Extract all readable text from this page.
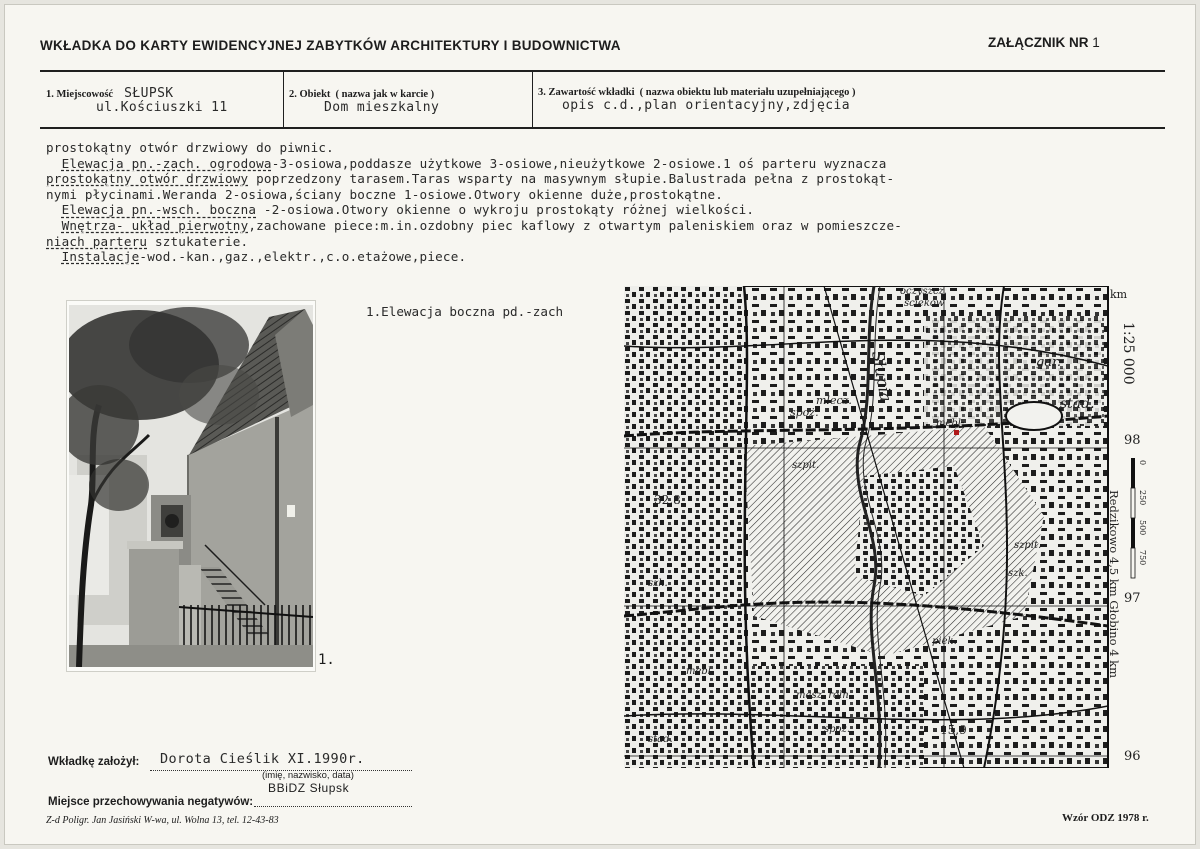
WKŁADKA DO KARTY EWIDENCYJNEJ ZABYTKÓW ARCHITEKTURY I BUDOWNICTWA	ZAŁĄCZNIK NR 1
1. Miejscowość SŁUPSK
ul.Kościuszki 11
2. Obiekt ( nazwa jak w karcie )
Dom mieszkalny
3. Zawartość wkładki ( nazwa obiektu lub materiału uzupełniającego )
opis c.d.,plan orientacyjny,zdjęcia
prostokątny otwór drzwiowy do piwnic.
Elewacja pn.-zach. ogrodowa-3-osiowa,poddasze użytkowe 3-osiowe,nieużytkowe 2-osiowe.1 oś parteru wyznacza
prostokątny otwór drzwiowy poprzedzony tarasem.Taras wsparty na masywnym słupie.Balustrada pełna z prostokąt-
nymi płycinami.Weranda 2-osiowa,ściany boczne 1-osiowe.Otwory okienne duże,prostokątne.
Elewacja pn.-wsch. boczna -2-osiowa.Otwory okienne o wykroju prostokąty różnej wielkości.
Wnętrza- układ pierwotny,zachowane piece:m.in.ozdobny piec kaflowy z otwartym paleniskiem oraz w pomieszcze-
niach parteru sztukaterie.
Instalacje-wod.-kan.,gaz.,elektr.,c.o.etażowe,piece.
1.
1.Elewacja boczna pd.-zach
oczyszcz.
ścieków
Słupia
mlecz.
spoż.
gar.
stad.
mebl.
szpit.
32,8
szk.
piek.
mebl.
masz. roln.
stad.
spoż.	15,9
szpit.
szk.
km
1:25 000
98
97
96
0
250
500
750
Redzikowo 4,5 km Głobino 4 km
Wkładkę założył: Dorota Cieślik XI.1990r.
(imię, nazwisko, data)
Miejsce przechowywania negatywów:
BBiDZ Słupsk
Z-d Poligr. Jan Jasiński W-wa, ul. Wolna 13, tel. 12-43-83	Wzór ODZ 1978 r.
